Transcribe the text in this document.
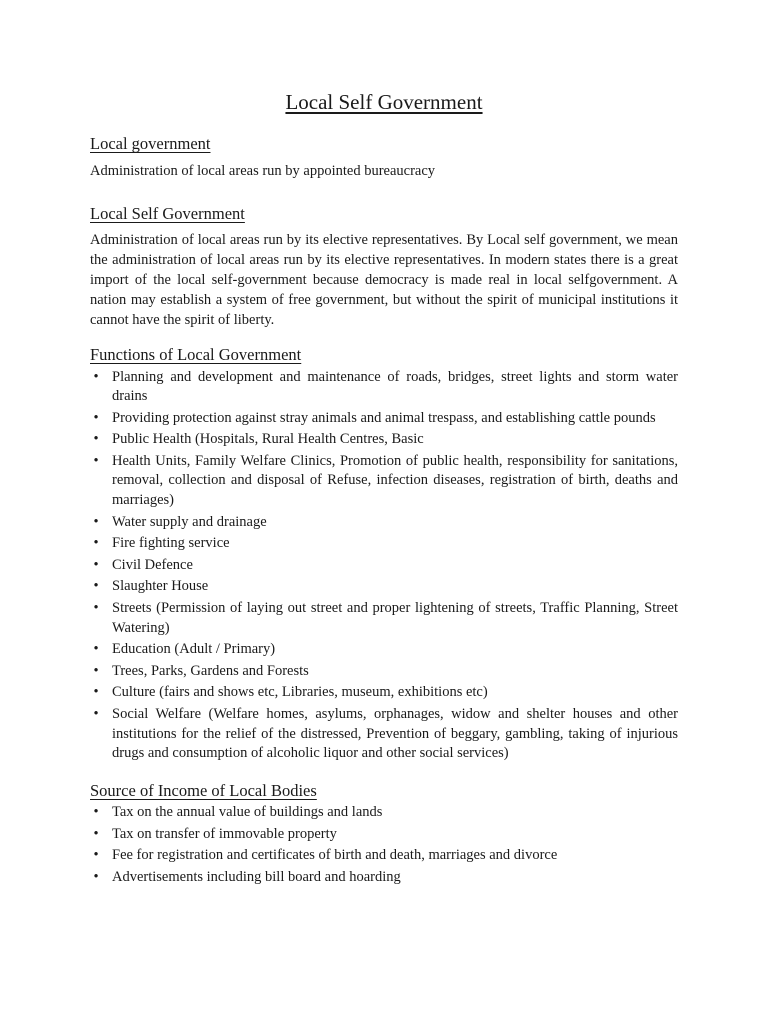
Local Self Government
Local government

Administration of local areas run by appointed bureaucracy

Local Self Government

Administration of local areas run by its elective representatives. By Local self government, we mean the administration of local areas run by its elective representatives. In modern states there is a great import of the local self-government because democracy is made real in local selfgovernment. A nation may establish a system of free government, but without the spirit of municipal institutions it cannot have the spirit of liberty.

Functions of Local Government
• Planning and development and maintenance of roads, bridges, street lights and storm water drains
• Providing protection against stray animals and animal trespass, and establishing cattle pounds
• Public Health (Hospitals, Rural Health Centres, Basic
• Health Units, Family Welfare Clinics, Promotion of public health, responsibility for sanitations, removal, collection and disposal of Refuse, infection diseases, registration of birth, deaths and marriages)
• Water supply and drainage
• Fire fighting service
• Civil Defence
• Slaughter House
• Streets (Permission of laying out street and proper lightening of streets, Traffic Planning, Street Watering)
• Education (Adult / Primary)
• Trees, Parks, Gardens and Forests
• Culture (fairs and shows etc, Libraries, museum, exhibitions etc)
• Social Welfare (Welfare homes, asylums, orphanages, widow and shelter houses and other institutions for the relief of the distressed, Prevention of beggary, gambling, taking of injurious drugs and consumption of alcoholic liquor and other social services)
Source of Income of Local Bodies
• Tax on the annual value of buildings and lands
• Tax on transfer of immovable property
• Fee for registration and certificates of birth and death, marriages and divorce
• Advertisements including bill board and hoarding
